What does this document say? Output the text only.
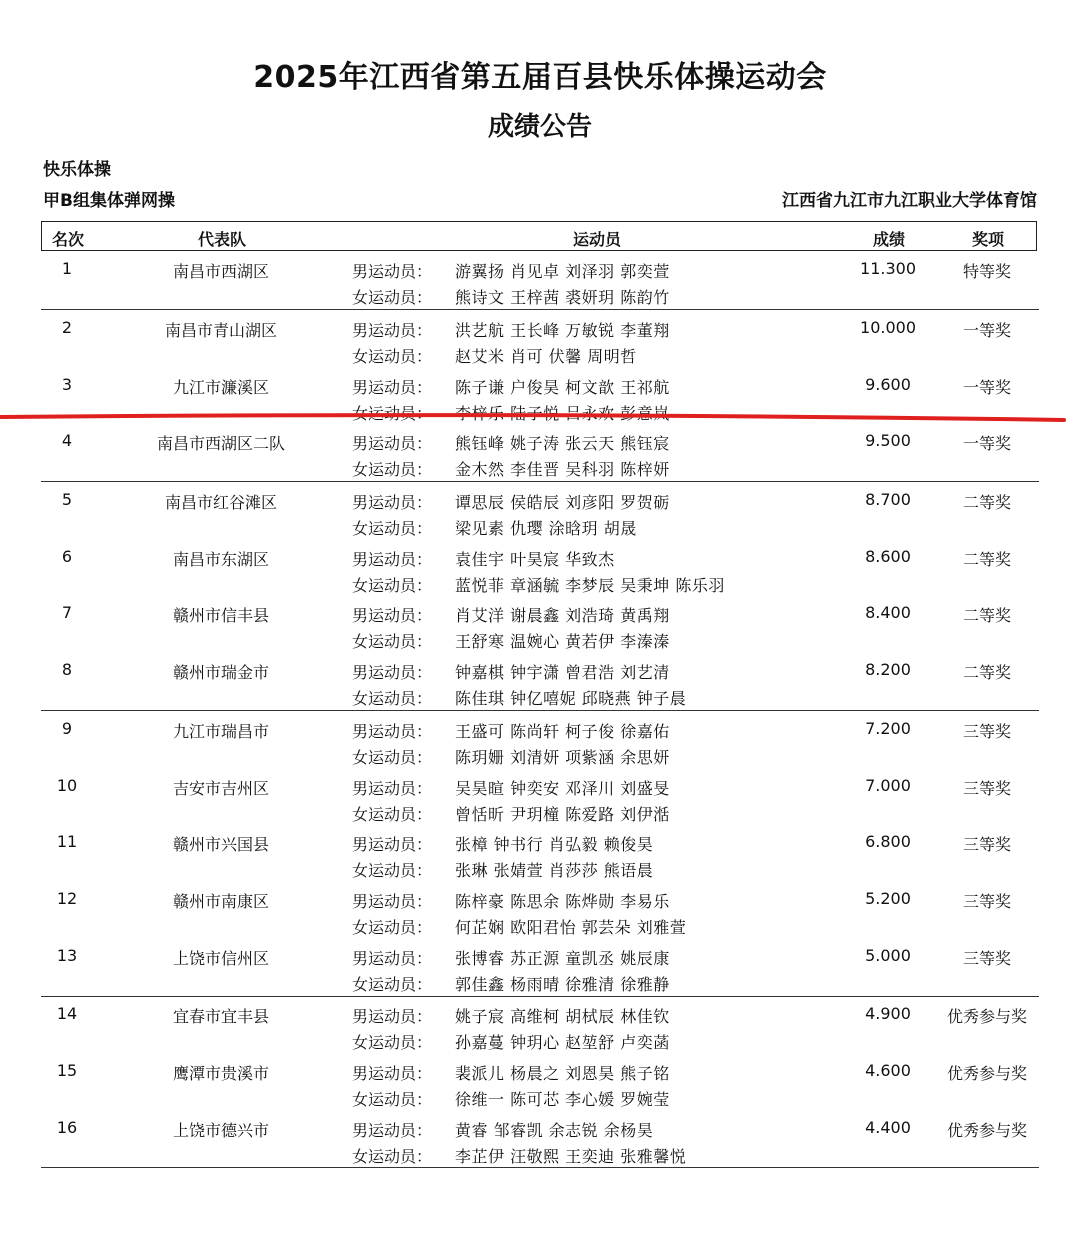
2025年江西省第五届百县快乐体操运动会
成绩公告
快乐体操
甲B组集体弹网操	江西省九江市九江职业大学体育馆
名次	代表队	运动员	成绩	奖项
1	南昌市西湖区	男运动员： 游翼扬 肖见卓 刘泽羽 郭奕萱
女运动员： 熊诗文 王梓茜 裘妍玥 陈韵竹
11.300	特等奖
2	南昌市青山湖区	男运动员： 洪艺航 王长峰 万敏锐 李董翔
女运动员： 赵艾米 肖可 伏馨 周明哲
10.000	一等奖
3	九江市濂溪区	男运动员： 陈子谦 户俊昊 柯文歆 王祁航
女运动员： 李梓乐 陆子悦 吕永欢 彭意岚
9.600	一等奖
4	南昌市西湖区二队	男运动员： 熊钰峰 姚子涛 张云天 熊钰宸
女运动员： 金木然 李佳晋 吴科羽 陈梓妍
9.500	一等奖
5	南昌市红谷滩区	男运动员： 谭思辰 侯皓辰 刘彦阳 罗贺砺
女运动员： 梁见素 仇璎 涂晗玥 胡晟
8.700	二等奖
6	南昌市东湖区	男运动员： 袁佳宇 叶昊宸 华致杰
女运动员： 蓝悦菲 章涵毓 李梦辰 吴秉坤 陈乐羽
8.600	二等奖
7	赣州市信丰县	男运动员： 肖艾洋 谢晨鑫 刘浩琦 黄禹翔
女运动员： 王舒寒 温婉心 黄若伊 李溱溱
8.400	二等奖
8	赣州市瑞金市	男运动员： 钟嘉棋 钟宇潇 曾君浩 刘艺清
女运动员： 陈佳琪 钟亿嘻妮 邱晓燕 钟子晨
8.200	二等奖
9	九江市瑞昌市	男运动员： 王盛可 陈尚轩 柯子俊 徐嘉佑
女运动员： 陈玥姗 刘清妍 项紫涵 余思妍
7.200	三等奖
10	吉安市吉州区	男运动员： 吴昊暄 钟奕安 邓泽川 刘盛旻
女运动员： 曾恬昕 尹玥橦 陈爱路 刘伊湉
7.000	三等奖
11	赣州市兴国县	男运动员： 张樟 钟书行 肖弘毅 赖俊昊
女运动员： 张琳 张婧萱 肖莎莎 熊语晨
6.800	三等奖
12	赣州市南康区	男运动员： 陈梓豪 陈思余 陈烨勋 李易乐
女运动员： 何芷娴 欧阳君怡 郭芸朵 刘雅萱
5.200	三等奖
13	上饶市信州区	男运动员： 张博睿 苏正源 童凯丞 姚辰康
女运动员： 郭佳鑫 杨雨晴 徐雅清 徐雅静
5.000	三等奖
14	宜春市宜丰县	男运动员： 姚子宸 高维柯 胡栻辰 林佳钦
女运动员： 孙嘉蔓 钟玥心 赵堃舒 卢奕菡
4.900 优秀参与奖
15	鹰潭市贵溪市	男运动员： 裴派儿 杨晨之 刘恩昊 熊子铭
女运动员： 徐维一 陈可芯 李心媛 罗婉莹
4.600 优秀参与奖
16	上饶市德兴市	男运动员： 黄睿 邹睿凯 余志锐 余杨昊
女运动员： 李芷伊 汪敬熙 王奕迪 张雅馨悦
4.400 优秀参与奖
